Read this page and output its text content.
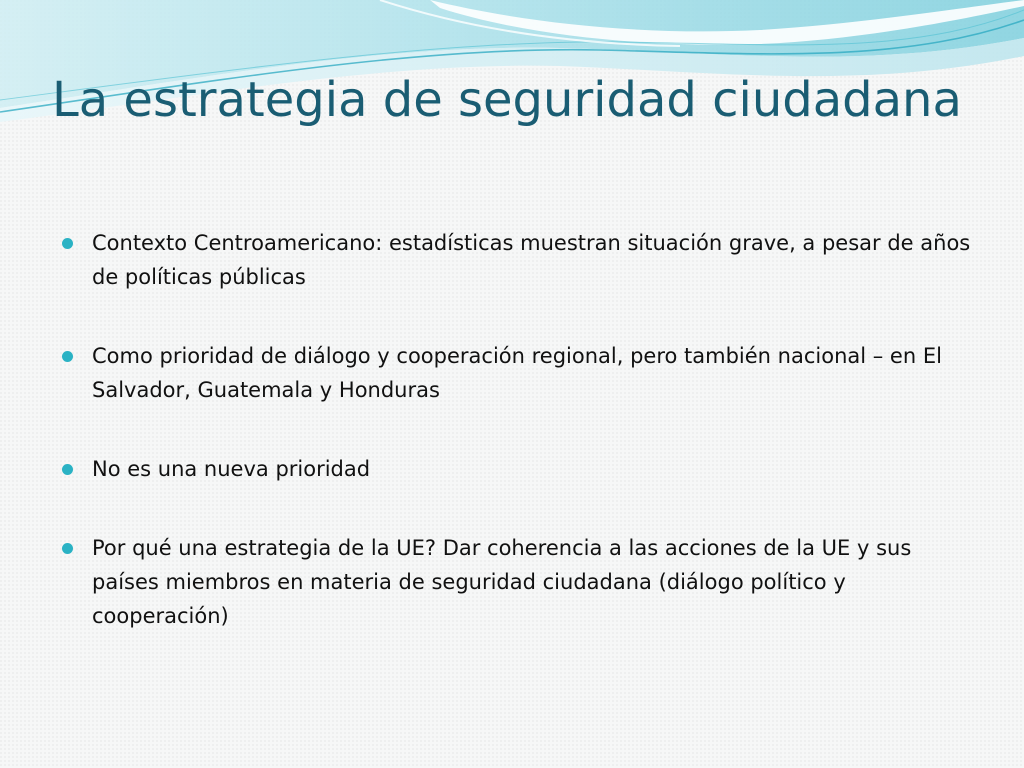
La estrategia de seguridad ciudadana
Contexto Centroamericano: estadísticas muestran situación grave, a pesar de años de políticas públicas
Como prioridad de diálogo y cooperación regional, pero también nacional – en El Salvador, Guatemala y Honduras
No es una nueva prioridad
Por qué una estrategia de la UE? Dar coherencia a las acciones de la UE y sus países miembros en materia de seguridad ciudadana (diálogo político y cooperación)
